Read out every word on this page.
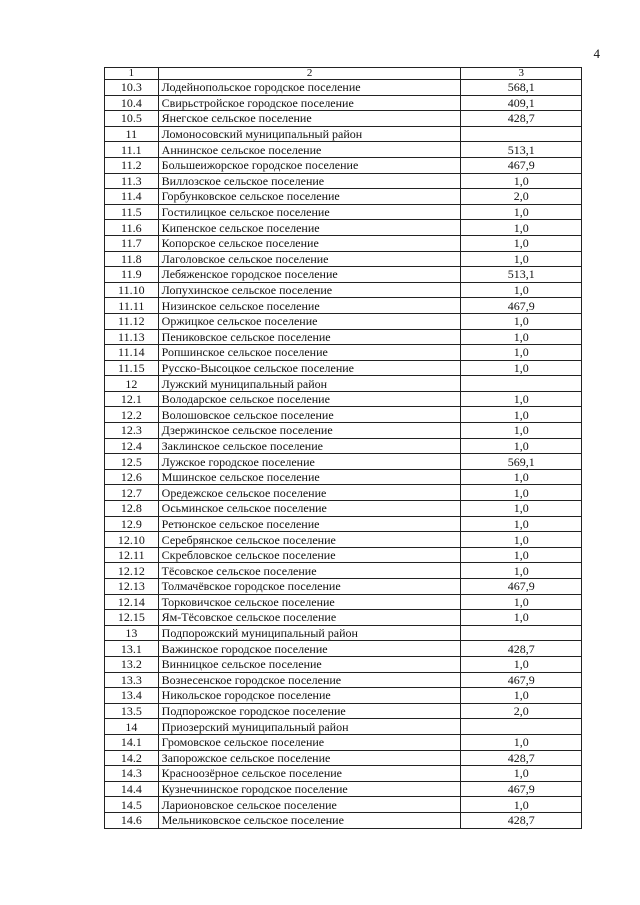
4
1	2	3
10.3	Лодейнопольское городское поселение	568,1
10.4	Свирьстройское городское поселение	409,1
10.5	Янегское сельское поселение	428,7
11	Ломоносовский муниципальный район	
11.1	Аннинское сельское поселение	513,1
11.2	Большеижорское городское поселение	467,9
11.3	Виллозское сельское поселение	1,0
11.4	Горбунковское сельское поселение	2,0
11.5	Гостилицкое сельское поселение	1,0
11.6	Кипенское сельское поселение	1,0
11.7	Копорское сельское поселение	1,0
11.8	Лаголовское сельское поселение	1,0
11.9	Лебяженское городское поселение	513,1
11.10	Лопухинское сельское поселение	1,0
11.11	Низинское сельское поселение	467,9
11.12	Оржицкое сельское поселение	1,0
11.13	Пениковское сельское поселение	1,0
11.14	Ропшинское сельское поселение	1,0
11.15	Русско-Высоцкое сельское поселение	1,0
12	Лужский муниципальный район	
12.1	Володарское сельское поселение	1,0
12.2	Волошовское сельское поселение	1,0
12.3	Дзержинское сельское поселение	1,0
12.4	Заклинское сельское поселение	1,0
12.5	Лужское городское поселение	569,1
12.6	Мшинское сельское поселение	1,0
12.7	Оредежское сельское поселение	1,0
12.8	Осьминское сельское поселение	1,0
12.9	Ретюнское сельское поселение	1,0
12.10	Серебрянское сельское поселение	1,0
12.11	Скребловское сельское поселение	1,0
12.12	Тёсовское сельское поселение	1,0
12.13	Толмачёвское городское поселение	467,9
12.14	Торковичское сельское поселение	1,0
12.15	Ям-Тёсовское сельское поселение	1,0
13	Подпорожский муниципальный район	
13.1	Важинское городское поселение	428,7
13.2	Винницкое сельское поселение	1,0
13.3	Вознесенское городское поселение	467,9
13.4	Никольское городское поселение	1,0
13.5	Подпорожское городское поселение	2,0
14	Приозерский муниципальный район	
14.1	Громовское сельское поселение	1,0
14.2	Запорожское сельское поселение	428,7
14.3	Красноозёрное сельское поселение	1,0
14.4	Кузнечнинское городское поселение	467,9
14.5	Ларионовское сельское поселение	1,0
14.6	Мельниковское сельское поселение	428,7
